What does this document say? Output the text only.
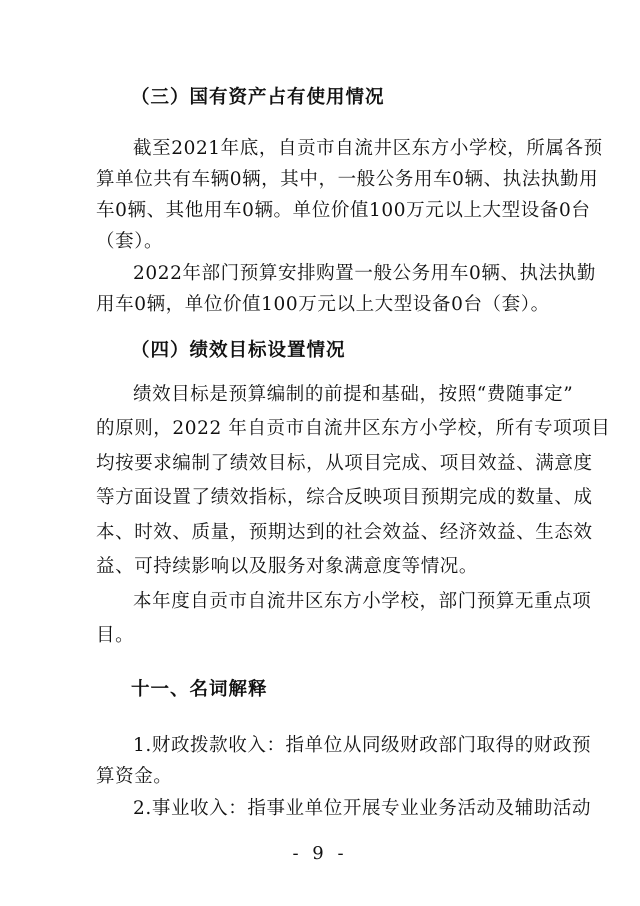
（三）国有资产占有使用情况
截至2021年底，自贡市自流井区东方小学校，所属各预
算单位共有车辆0辆，其中，一般公务用车0辆、执法执勤用
车0辆、其他用车0辆。单位价值100万元以上大型设备0台
（套）。
2022年部门预算安排购置一般公务用车0辆、执法执勤
用车0辆，单位价值100万元以上大型设备0台（套）。
（四）绩效目标设置情况
绩效目标是预算编制的前提和基础，按照“费随事定”
的原则，2022 年自贡市自流井区东方小学校，所有专项项目
均按要求编制了绩效目标，从项目完成、项目效益、满意度
等方面设置了绩效指标，综合反映项目预期完成的数量、成
本、时效、质量，预期达到的社会效益、经济效益、生态效
益、可持续影响以及服务对象满意度等情况。
本年度自贡市自流井区东方小学校，部门预算无重点项
目。
十一、名词解释
1.财政拨款收入：指单位从同级财政部门取得的财政预
算资金。
2.事业收入：指事业单位开展专业业务活动及辅助活动
- 9 -
